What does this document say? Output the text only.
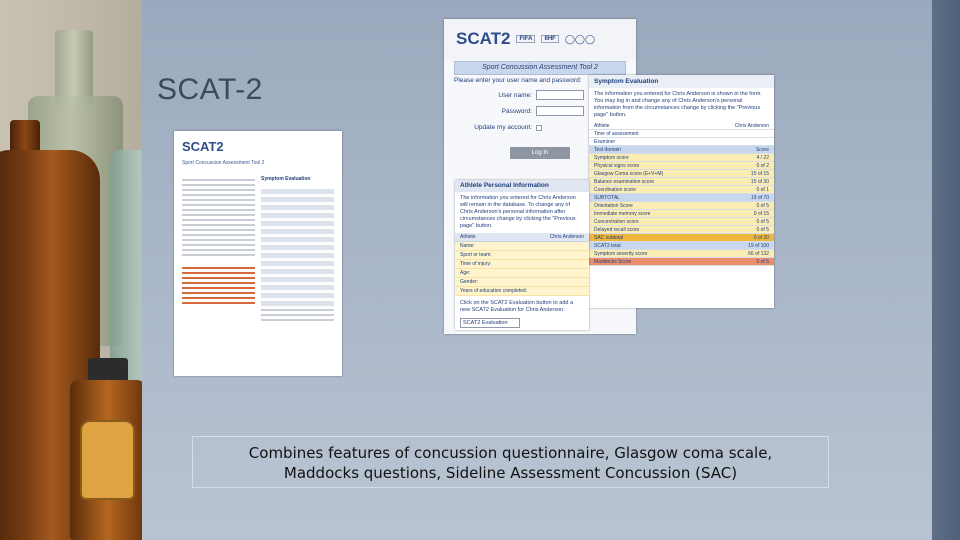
SCAT-2
SCAT2
Sport Concussion Assessment Tool 2
Symptom Evaluation
SCAT2	FIFA	IIHF	◯◯◯
Sport Concussion Assessment Tool 2
Please enter your user name and password:
User name:
Password:
Update my account:
Log In
Symptom Evaluation
The information you entered for Chris Anderson is shown in the form. You may log in and change any of Chris Anderson's personal information from the circumstances change by clicking the "Previous page" button.
Athlete	Chris Anderson
Time of assessment
Examiner
Test domain	Score
Symptom score	4 / 22
Physical signs score	0 of 2
Glasgow Coma score (E+V+M)	15 of 15
Balance examination score	15 of 30
Coordination score	0 of 1
SUBTOTAL	19 of 70
Orientation Score	0 of 5
Immediate memory score	0 of 15
Concentration score	0 of 5
Delayed recall score	0 of 5
SAC subtotal	0 of 30
SCAT2 total	19 of 100
Symptom severity score	66 of 132
Maddocks Score	0 of 5
Athlete Personal Information
The information you entered for Chris Anderson will remain in the database. To change any of Chris Anderson's personal information after circumstances change by clicking the "Previous page" button.
Athlete	Chris Anderson
Name:
Sport or team:
Time of injury:
Age:
Gender:
Years of education completed:
Click on the SCAT2 Evaluation button to add a new SCAT2 Evaluation for Chris Anderson.
SCAT2 Evaluation
Combines features of concussion questionnaire, Glasgow coma scale,
Maddocks questions, Sideline Assessment Concussion (SAC)
